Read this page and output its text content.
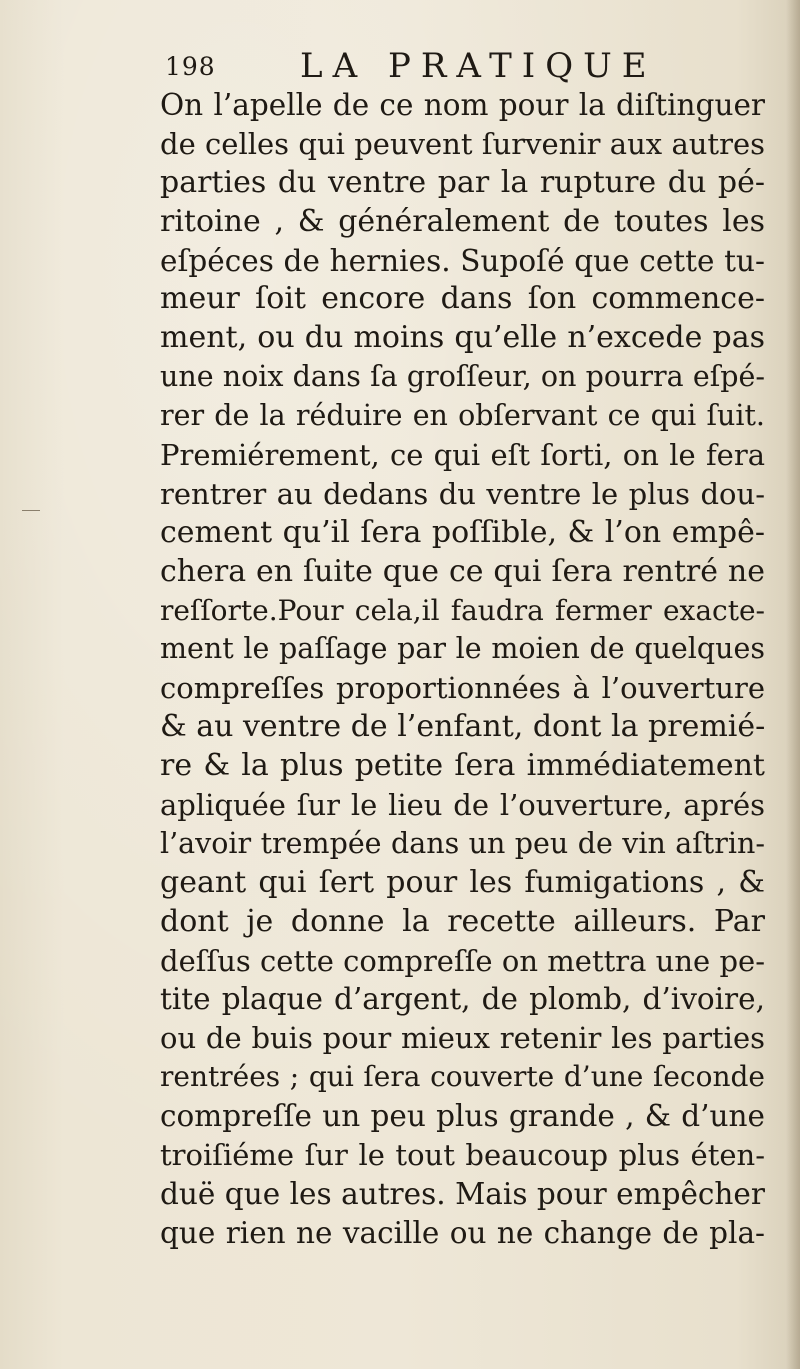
198 LA PRATIQUE
On l’apelle de ce nom pour la diſtinguer
de celles qui peuvent ſurvenir aux autres
parties du ventre par la rupture du pé-
ritoine , & généralement de toutes les
eſpéces de hernies. Supoſé que cette tu-
meur ſoit encore dans ſon commence-
ment, ou du moins qu’elle n’excede pas
une noix dans ſa groſſeur, on pourra eſpé-
rer de la réduire en obſervant ce qui ſuit.
Premiérement, ce qui eſt ſorti, on le fera
rentrer au dedans du ventre le plus dou-
cement qu’il ſera poſſible, & l’on empê-
chera en ſuite que ce qui ſera rentré ne
reſſorte.Pour cela,il faudra fermer exacte-
ment le paſſage par le moien de quelques
compreſſes proportionnées à l’ouverture
& au ventre de l’enfant, dont la premié-
re & la plus petite ſera immédiatement
apliquée ſur le lieu de l’ouverture, aprés
l’avoir trempée dans un peu de vin aſtrin-
geant qui ſert pour les fumigations , &
dont je donne la recette ailleurs. Par
deſſus cette compreſſe on mettra une pe-
tite plaque d’argent, de plomb, d’ivoire,
ou de buis pour mieux retenir les parties
rentrées ; qui ſera couverte d’une ſeconde
compreſſe un peu plus grande , & d’une
troiſiéme ſur le tout beaucoup plus éten-
duë que les autres. Mais pour empêcher
que rien ne vacille ou ne change de pla-
